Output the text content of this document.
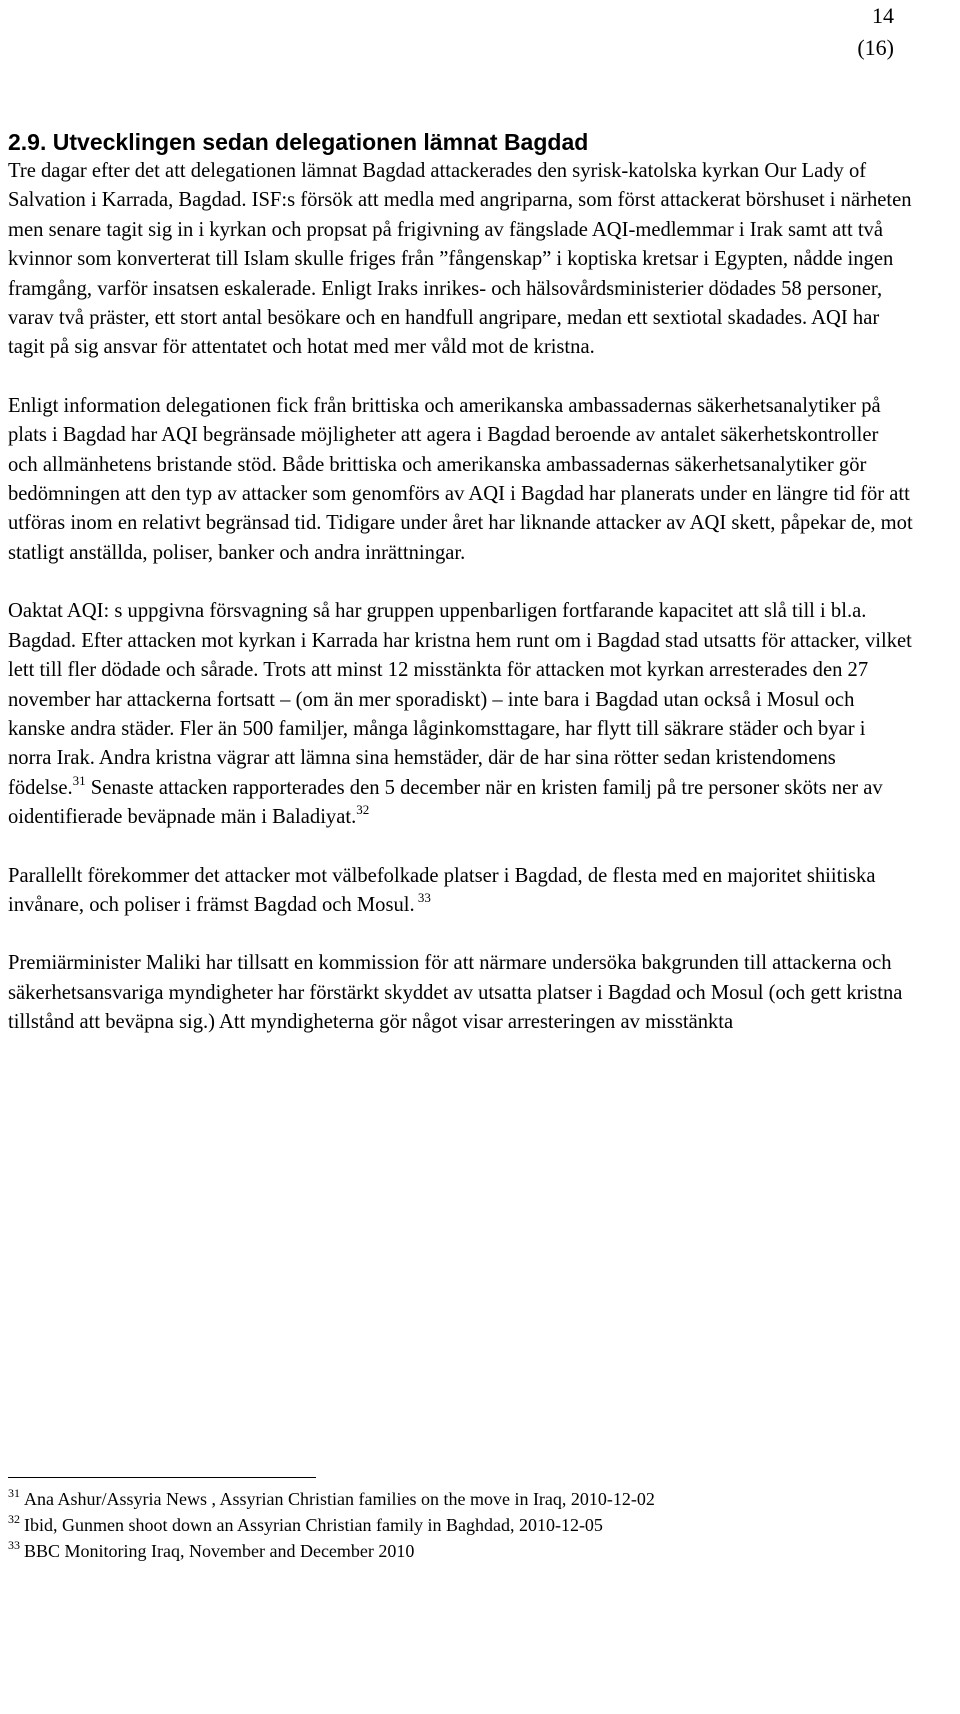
14
(16)
2.9. Utvecklingen sedan delegationen lämnat Bagdad

Tre dagar efter det att delegationen lämnat Bagdad attackerades den syrisk-katolska kyrkan Our Lady of Salvation i Karrada, Bagdad. ISF:s försök att medla med angriparna, som först attackerat börshuset i närheten men senare tagit sig in i kyrkan och propsat på frigivning av fängslade AQI-medlemmar i Irak samt att två kvinnor som konverterat till Islam skulle friges från ”fångenskap” i koptiska kretsar i Egypten, nådde ingen framgång, varför insatsen eskalerade. Enligt Iraks inrikes- och hälsovårdsministerier dödades 58 personer, varav två präster, ett stort antal besökare och en handfull angripare, medan ett sextiotal skadades. AQI har tagit på sig ansvar för attentatet och hotat med mer våld mot de kristna.

Enligt information delegationen fick från brittiska och amerikanska ambassadernas säkerhetsanalytiker på plats i Bagdad har AQI begränsade möjligheter att agera i Bagdad beroende av antalet säkerhetskontroller och allmänhetens bristande stöd. Både brittiska och amerikanska ambassadernas säkerhetsanalytiker gör bedömningen att den typ av attacker som genomförs av AQI i Bagdad har planerats under en längre tid för att utföras inom en relativt begränsad tid. Tidigare under året har liknande attacker av AQI skett, påpekar de, mot statligt anställda, poliser, banker och andra inrättningar.

Oaktat AQI: s uppgivna försvagning så har gruppen uppenbarligen fortfarande kapacitet att slå till i bl.a. Bagdad. Efter attacken mot kyrkan i Karrada har kristna hem runt om i Bagdad stad utsatts för attacker, vilket lett till fler dödade och sårade. Trots att minst 12 misstänkta för attacken mot kyrkan arresterades den 27 november har attackerna fortsatt – (om än mer sporadiskt) – inte bara i Bagdad utan också i Mosul och kanske andra städer. Fler än 500 familjer, många låginkomsttagare, har flytt till säkrare städer och byar i norra Irak. Andra kristna vägrar att lämna sina hemstäder, där de har sina rötter sedan kristendomens födelse.$^{31}$ Senaste attacken rapporterades den 5 december när en kristen familj på tre personer sköts ner av oidentifierade beväpnade män i Baladiyat.$^{32}$

Parallellt förekommer det attacker mot välbefolkade platser i Bagdad, de flesta med en majoritet shiitiska invånare, och poliser i främst Bagdad och Mosul. $^{33}$

Premiärminister Maliki har tillsatt en kommission för att närmare undersöka bakgrunden till attackerna och säkerhetsansvariga myndigheter har förstärkt skyddet av utsatta platser i Bagdad och Mosul (och gett kristna tillstånd att beväpna sig.) Att myndigheterna gör något visar arresteringen av misstänkta

$^{31}$ Ana Ashur/Assyria News , Assyrian Christian families on the move in Iraq, 2010-12-02
$^{32}$ Ibid, Gunmen shoot down an Assyrian Christian family in Baghdad, 2010-12-05
$^{33}$ BBC Monitoring Iraq, November and December 2010
